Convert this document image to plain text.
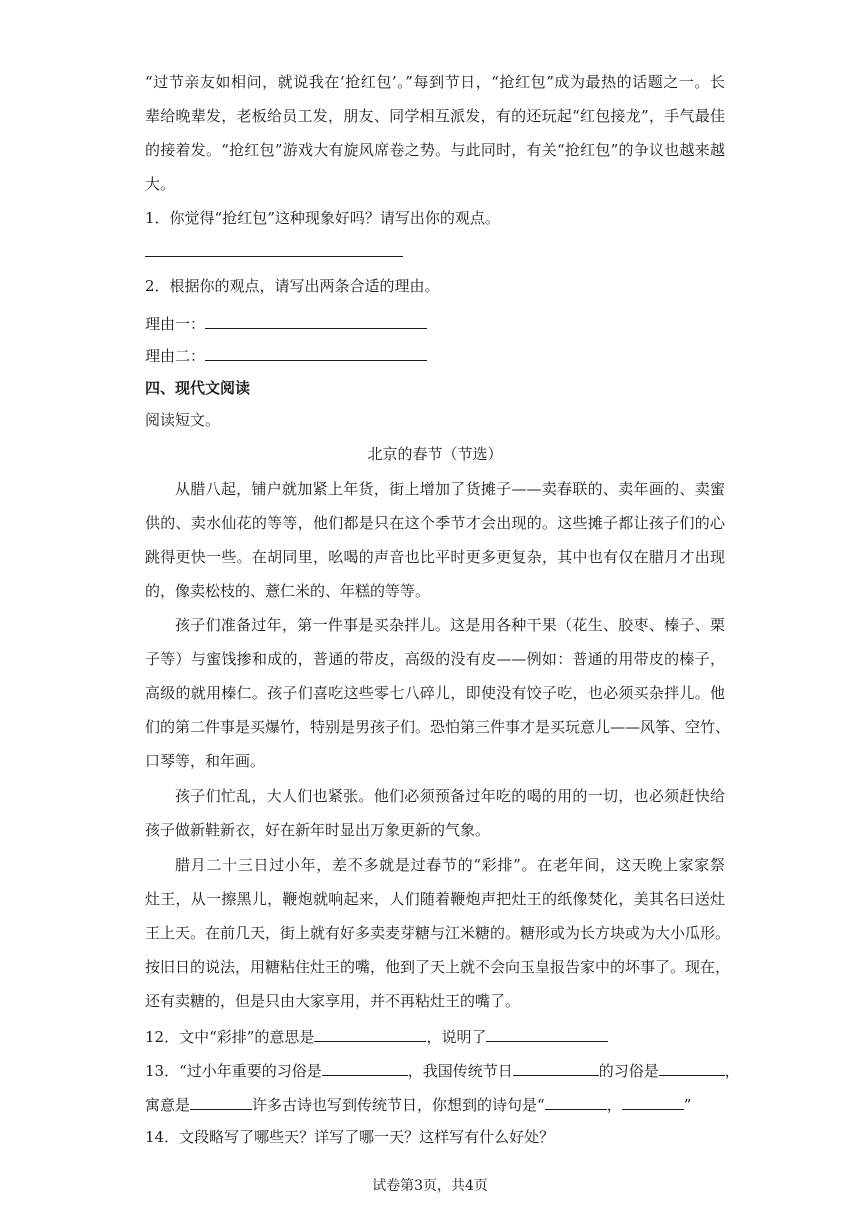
“过节亲友如相问，就说我在‘抢红包’。”每到节日，“抢红包”成为最热的话题之一。长
辈给晚辈发，老板给员工发，朋友、同学相互派发，有的还玩起“红包接龙”，手气最佳
的接着发。“抢红包”游戏大有旋风席卷之势。与此同时，有关“抢红包”的争议也越来越
大。
1．你觉得“抢红包”这种现象好吗？请写出你的观点。
2．根据你的观点，请写出两条合适的理由。
理由一：
理由二：
四、现代文阅读
阅读短文。
北京的春节（节选）
从腊八起，铺户就加紧上年货，街上增加了货摊子——卖春联的、卖年画的、卖蜜
供的、卖水仙花的等等，他们都是只在这个季节才会出现的。这些摊子都让孩子们的心
跳得更快一些。在胡同里，吆喝的声音也比平时更多更复杂，其中也有仅在腊月才出现
的，像卖松枝的、薏仁米的、年糕的等等。
孩子们准备过年，第一件事是买杂拌儿。这是用各种干果（花生、胶枣、榛子、栗
子等）与蜜饯掺和成的，普通的带皮，高级的没有皮——例如：普通的用带皮的榛子，
高级的就用榛仁。孩子们喜吃这些零七八碎儿，即使没有饺子吃，也必须买杂拌儿。他
们的第二件事是买爆竹，特别是男孩子们。恐怕第三件事才是买玩意儿——风筝、空竹、
口琴等，和年画。
孩子们忙乱，大人们也紧张。他们必须预备过年吃的喝的用的一切，也必须赶快给
孩子做新鞋新衣，好在新年时显出万象更新的气象。
腊月二十三日过小年，差不多就是过春节的“彩排”。在老年间，这天晚上家家祭
灶王，从一擦黑儿，鞭炮就响起来，人们随着鞭炮声把灶王的纸像焚化，美其名曰送灶
王上天。在前几天，街上就有好多卖麦芽糖与江米糖的。糖形或为长方块或为大小瓜形。
按旧日的说法，用糖粘住灶王的嘴，他到了天上就不会向玉皇报告家中的坏事了。现在，
还有卖糖的，但是只由大家享用，并不再粘灶王的嘴了。
12．文中“彩排”的意思是	，说明了
13．“过小年重要的习俗是	，我国传统节日	的习俗是	，
寓意是	许多古诗也写到传统节日，你想到的诗句是“	，	”
14．文段略写了哪些天？详写了哪一天？这样写有什么好处？
试卷第3页，共4页
